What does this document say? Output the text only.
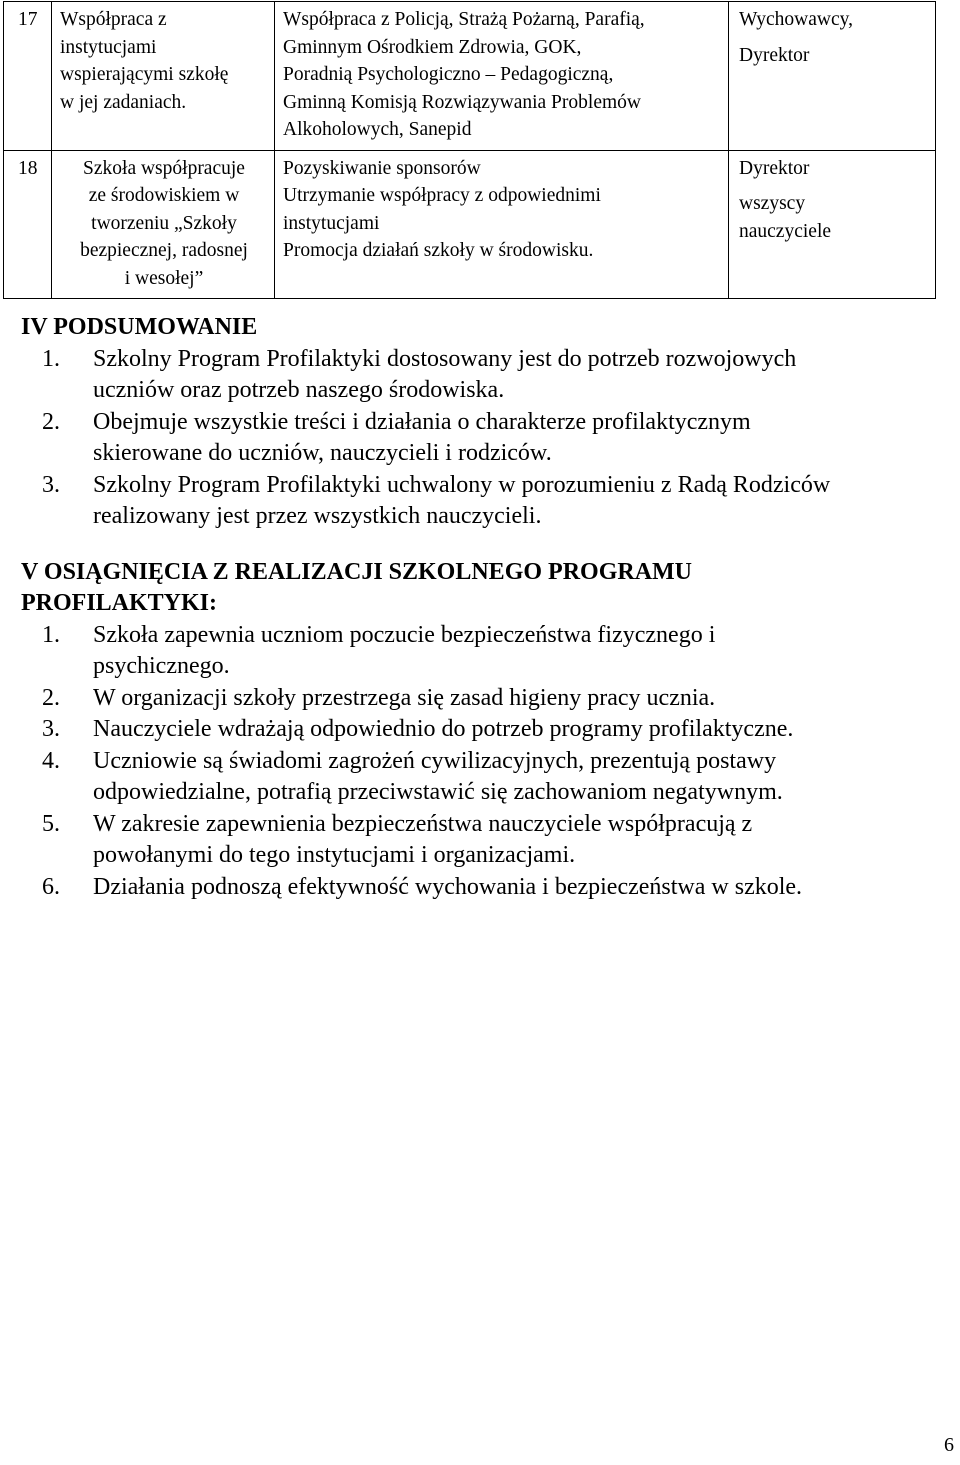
17	Współpraca z
instytucjami
wspierającymi szkołę
w jej zadaniach.	Współpraca z Policją, Strażą Pożarną, Parafią,
Gminnym Ośrodkiem Zdrowia, GOK,
Poradnią Psychologiczno – Pedagogiczną,
Gminną Komisją Rozwiązywania Problemów
Alkoholowych, Sanepid	Wychowawcy,
Dyrektor

18	Szkoła współpracuje
ze środowiskiem w
tworzeniu „Szkoły
bezpiecznej, radosnej
i wesołej”	Pozyskiwanie sponsorów
Utrzymanie współpracy z odpowiednimi
instytucjami
Promocja działań szkoły w środowisku.	Dyrektor
wszyscy
nauczyciele
IV PODSUMOWANIE
1. Szkolny Program Profilaktyki dostosowany jest do potrzeb rozwojowych
uczniów oraz potrzeb naszego środowiska.
2. Obejmuje wszystkie treści i działania o charakterze profilaktycznym
skierowane do uczniów, nauczycieli i rodziców.
3. Szkolny Program Profilaktyki uchwalony w porozumieniu z Radą Rodziców
realizowany jest przez wszystkich nauczycieli.
V OSIĄGNIĘCIA Z REALIZACJI SZKOLNEGO PROGRAMU
PROFILAKTYKI:
1. Szkoła zapewnia uczniom poczucie bezpieczeństwa fizycznego i
psychicznego.
2. W organizacji szkoły przestrzega się zasad higieny pracy ucznia.
3. Nauczyciele wdrażają odpowiednio do potrzeb programy profilaktyczne.
4. Uczniowie są świadomi zagrożeń cywilizacyjnych, prezentują postawy
odpowiedzialne, potrafią przeciwstawić się zachowaniom negatywnym.
5. W zakresie zapewnienia bezpieczeństwa nauczyciele współpracują z
powołanymi do tego instytucjami i organizacjami.
6. Działania podnoszą efektywność wychowania i bezpieczeństwa w szkole.
6
